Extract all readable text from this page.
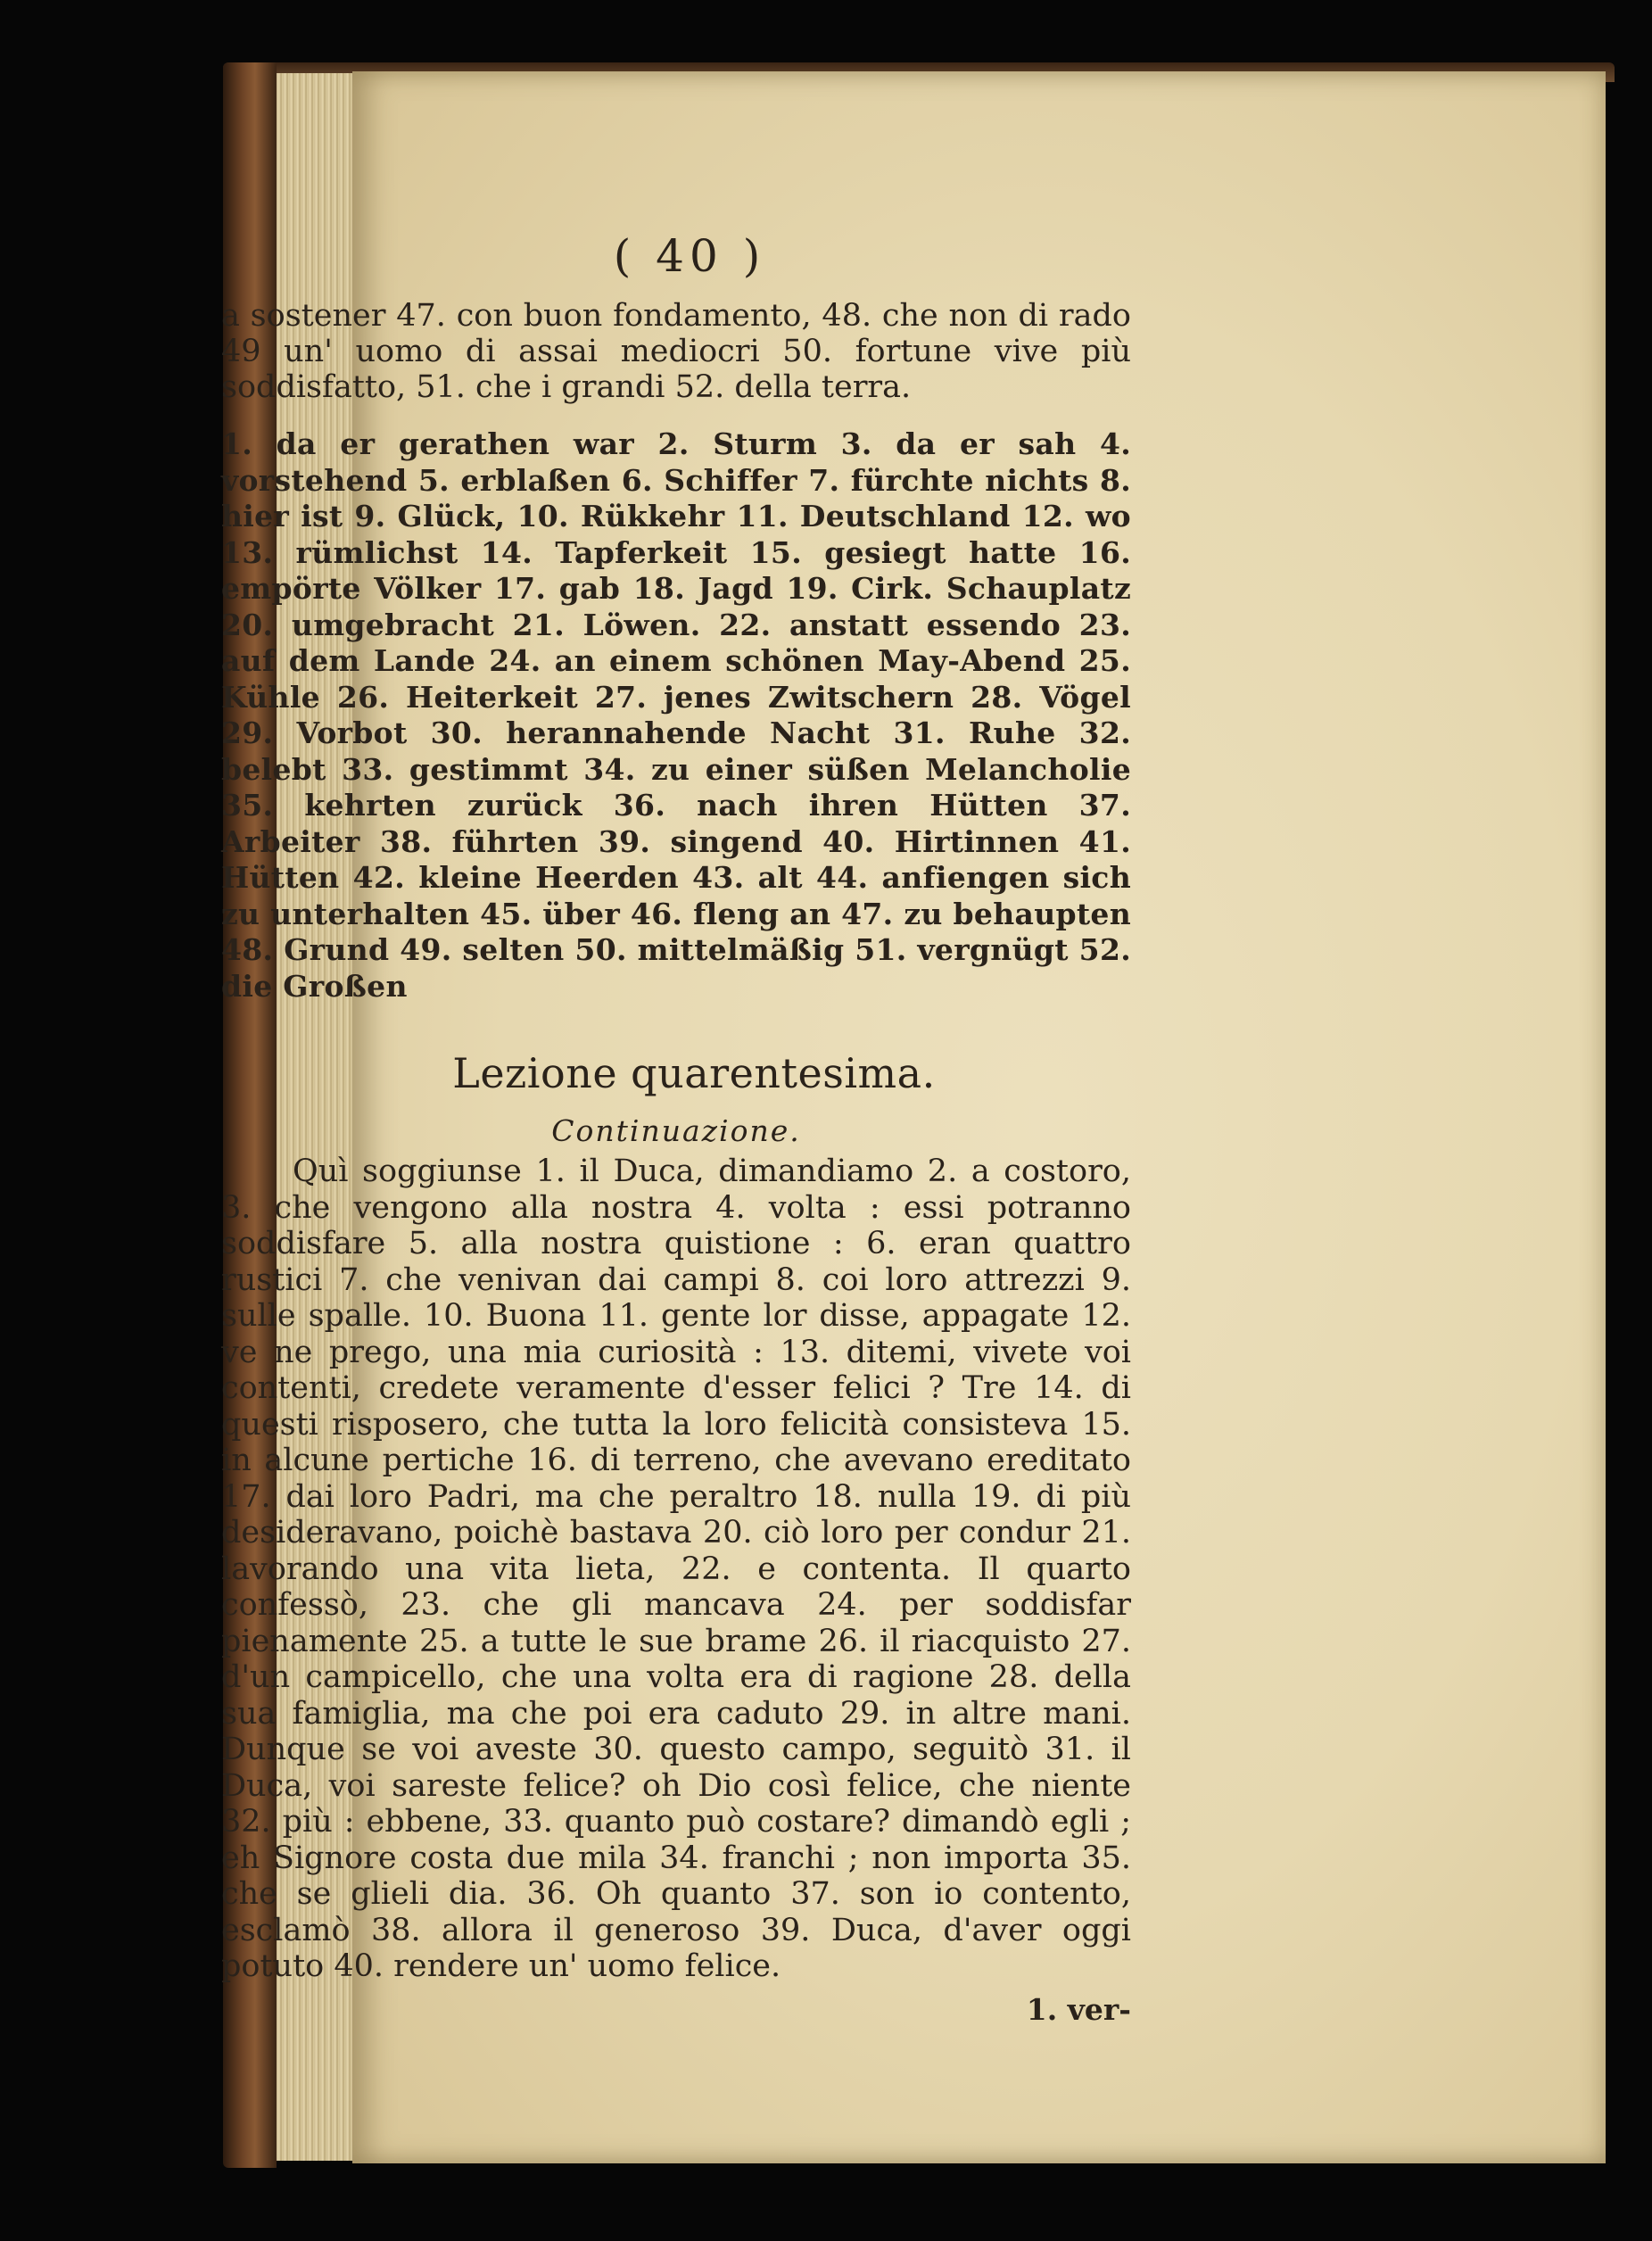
( 40 )

a sostener 47. con buon fondamento, 48. che non di rado 49 un' uomo di assai mediocri 50. fortune vive più soddisfatto, 51. che i grandi 52. della terra.

1. da er gerathen war 2. Sturm 3. da er sah 4. vorstehend 5. erblaßen 6. Schiffer 7. fürchte nichts 8. hier ist 9. Glück, 10. Rükkehr 11. Deutschland 12. wo 13. rümlichst 14. Tapferkeit 15. gesiegt hatte 16. empörte Völker 17. gab 18. Jagd 19. Cirk. Schauplatz 20. umgebracht 21. Löwen. 22. anstatt essendo 23. auf dem Lande 24. an einem schönen May-Abend 25. Kühle 26. Heiterkeit 27. jenes Zwitschern 28. Vögel 29. Vorbot 30. herannahende Nacht 31. Ruhe 32. belebt 33. gestimmt 34. zu einer süßen Melancholie 35. kehrten zurück 36. nach ihren Hütten 37. Arbeiter 38. führten 39. singend 40. Hirtinnen 41. Hütten 42. kleine Heerden 43. alt 44. anfiengen sich zu unterhalten 45. über 46. fleng an 47. zu behaupten 48. Grund 49. selten 50. mittelmäßig 51. vergnügt 52. die Großen

Lezione quarentesima.
Continuazione.

Quì soggiunse 1. il Duca, dimandiamo 2. a costoro, 3. che vengono alla nostra 4. volta : essi potranno soddisfare 5. alla nostra quistione : 6. eran quattro rustici 7. che venivan dai campi 8. coi loro attrezzi 9. sulle spalle. 10. Buona 11. gente lor disse, appagate 12. ve ne prego, una mia curiosità : 13. ditemi, vivete voi contenti, credete veramente d'esser felici ? Tre 14. di questi risposero, che tutta la loro felicità consisteva 15. in alcune pertiche 16. di terreno, che avevano ereditato 17. dai loro Padri, ma che peraltro 18. nulla 19. di più desideravano, poichè bastava 20. ciò loro per condur 21. lavorando una vita lieta, 22. e contenta. Il quarto confessò, 23. che gli mancava 24. per soddisfar pienamente 25. a tutte le sue brame 26. il riacquisto 27. d'un campicello, che una volta era di ragione 28. della sua famiglia, ma che poi era caduto 29. in altre mani. Dunque se voi aveste 30. questo campo, seguitò 31. il Duca, voi sareste felice? oh Dio così felice, che niente 32. più : ebbene, 33. quanto può costare? dimandò egli ; eh Signore costa due mila 34. franchi ; non importa 35. che se glieli dia. 36. Oh quanto 37. son io contento, esclamò 38. allora il generoso 39. Duca, d'aver oggi potuto 40. rendere un' uomo felice.

1. ver-
